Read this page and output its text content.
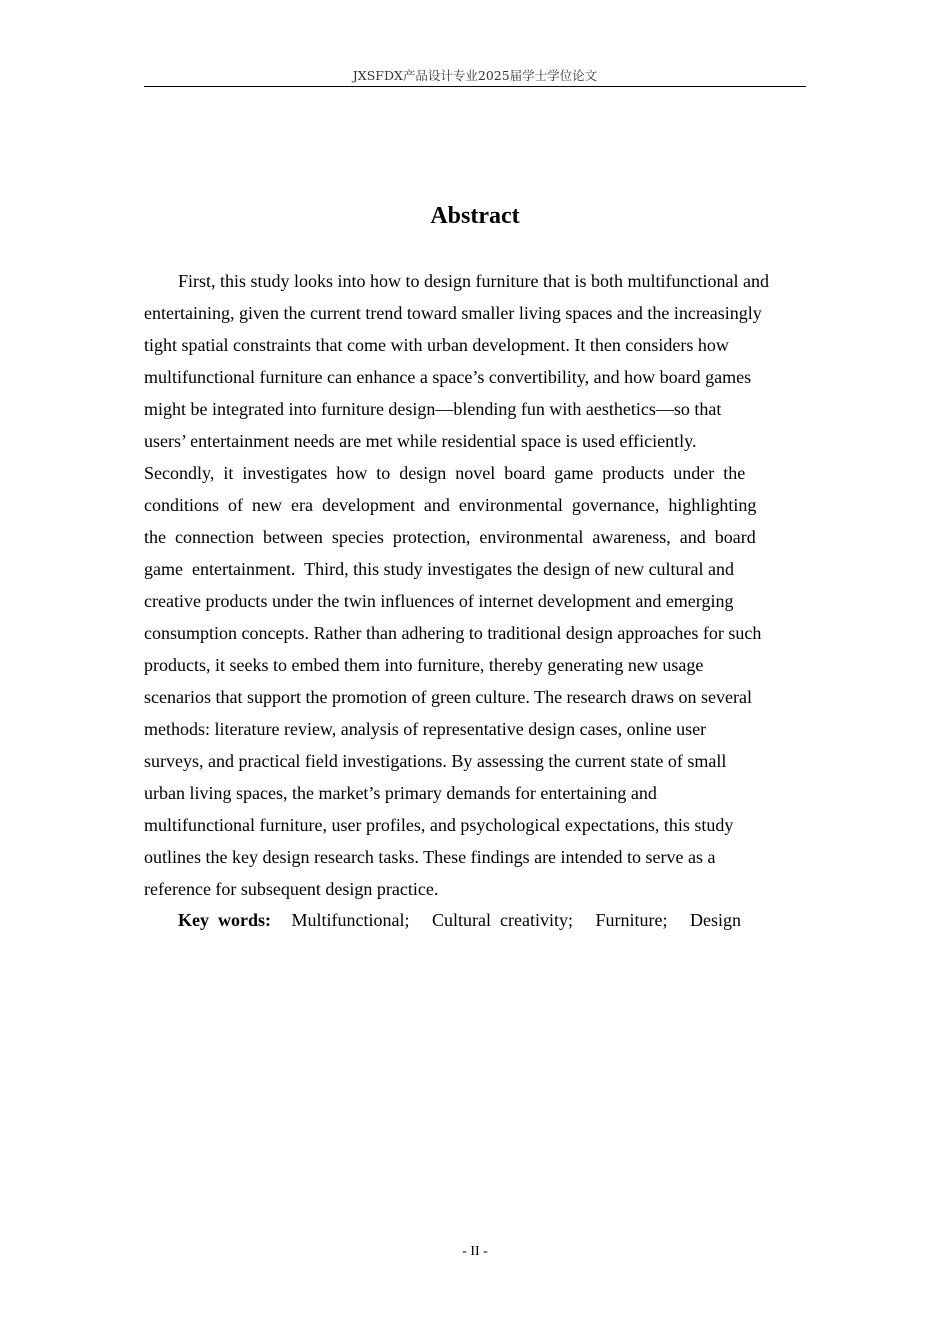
JXSFDX产品设计专业2025届学士学位论文
Abstract
First, this study looks into how to design furniture that is both multifunctional and
entertaining, given the current trend toward smaller living spaces and the increasingly
tight spatial constraints that come with urban development. It then considers how
multifunctional furniture can enhance a space’s convertibility, and how board games
might be integrated into furniture design—blending fun with aesthetics—so that
users’ entertainment needs are met while residential space is used efficiently.
Secondly,  it  investigates  how  to  design  novel  board  game  products  under  the
conditions  of  new  era  development  and  environmental  governance,  highlighting
the  connection  between  species  protection,  environmental  awareness,  and  board
game  entertainment.  Third, this study investigates the design of new cultural and
creative products under the twin influences of internet development and emerging
consumption concepts. Rather than adhering to traditional design approaches for such
products, it seeks to embed them into furniture, thereby generating new usage
scenarios that support the promotion of green culture. The research draws on several
methods: literature review, analysis of representative design cases, online user
surveys, and practical field investigations. By assessing the current state of small
urban living spaces, the market’s primary demands for entertaining and
multifunctional furniture, user profiles, and psychological expectations, this study
outlines the key design research tasks. These findings are intended to serve as a
reference for subsequent design practice.
Key  words: Multifunctional; Cultural  creativity; Furniture; Design
- II -
